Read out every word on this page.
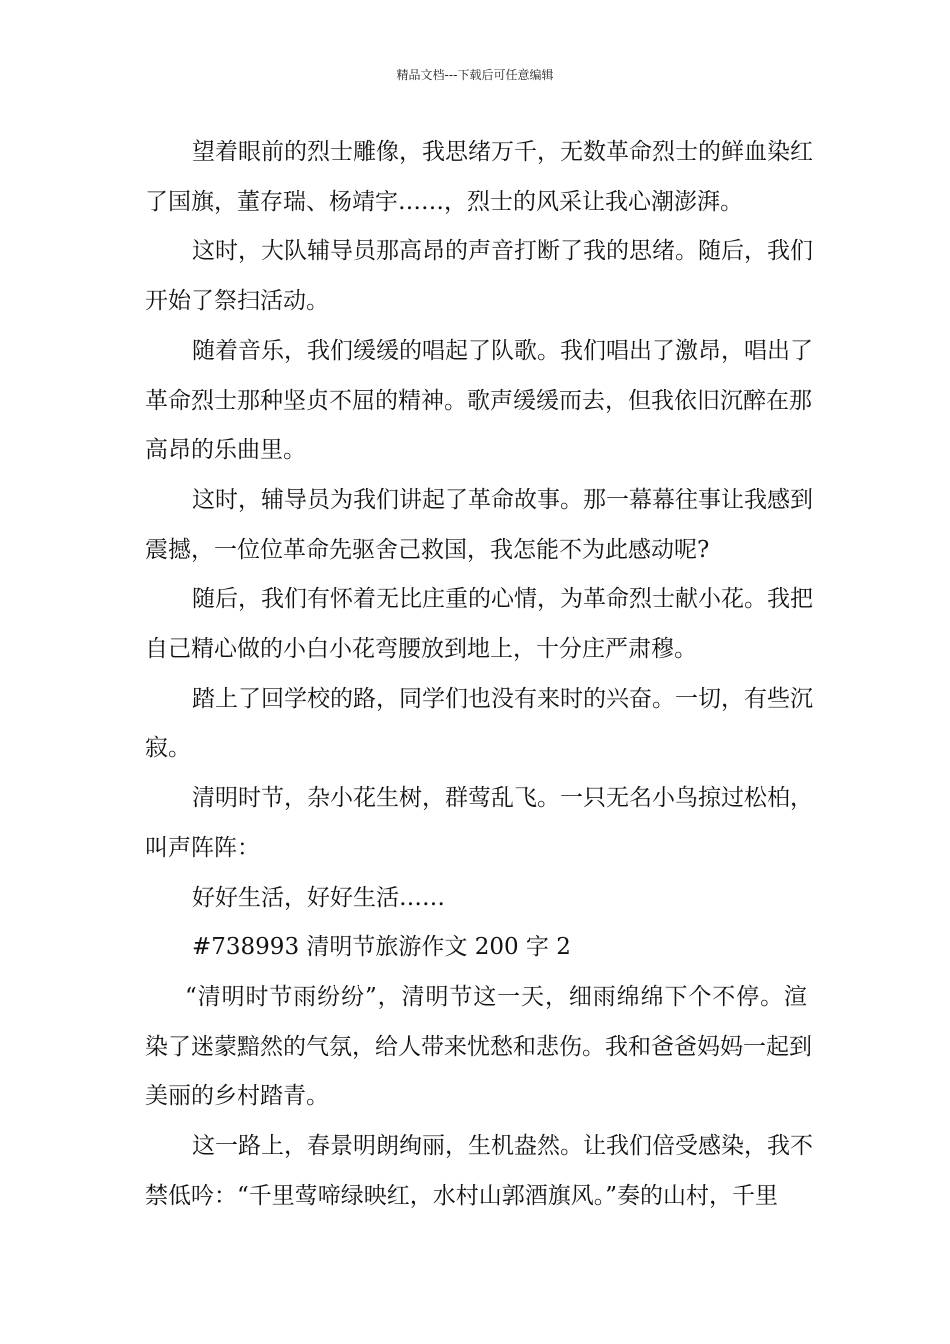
精品文档---下载后可任意编辑
望着眼前的烈士雕像，我思绪万千，无数革命烈士的鲜血染红
了国旗，董存瑞、杨靖宇……，烈士的风采让我心潮澎湃。
这时，大队辅导员那高昂的声音打断了我的思绪。随后，我们
开始了祭扫活动。
随着音乐，我们缓缓的唱起了队歌。我们唱出了激昂，唱出了
革命烈士那种坚贞不屈的精神。歌声缓缓而去，但我依旧沉醉在那
高昂的乐曲里。
这时，辅导员为我们讲起了革命故事。那一幕幕往事让我感到
震撼，一位位革命先驱舍己救国，我怎能不为此感动呢?
随后，我们有怀着无比庄重的心情，为革命烈士献小花。我把
自己精心做的小白小花弯腰放到地上，十分庄严肃穆。
踏上了回学校的路，同学们也没有来时的兴奋。一切，有些沉
寂。
清明时节，杂小花生树，群莺乱飞。一只无名小鸟掠过松柏，
叫声阵阵：
好好生活，好好生活……
#738993 清明节旅游作文 200 字 2
“清明时节雨纷纷”，清明节这一天，细雨绵绵下个不停。渲
染了迷蒙黯然的气氛，给人带来忧愁和悲伤。我和爸爸妈妈一起到
美丽的乡村踏青。
这一路上，春景明朗绚丽，生机盎然。让我们倍受感染，我不
禁低吟：“千里莺啼绿映红，水村山郭酒旗风。”奏的山村，千里
